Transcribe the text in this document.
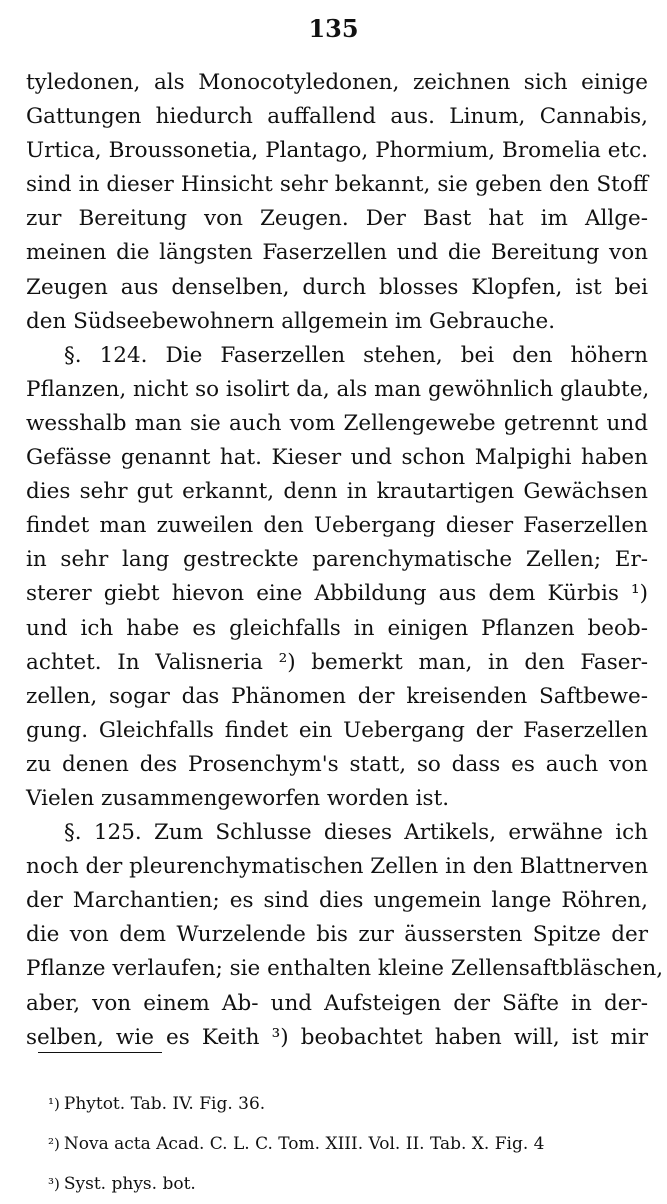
135
tyledonen, als Monocotyledonen, zeichnen sich einige
Gattungen hiedurch auffallend aus. Linum, Cannabis,
Urtica, Broussonetia, Plantago, Phormium, Bromelia etc.
sind in dieser Hinsicht sehr bekannt, sie geben den Stoff
zur Bereitung von Zeugen. Der Bast hat im Allge-
meinen die längsten Faserzellen und die Bereitung von
Zeugen aus denselben, durch blosses Klopfen, ist bei
den Südseebewohnern allgemein im Gebrauche.
§. 124. Die Faserzellen stehen, bei den höhern
Pflanzen, nicht so isolirt da, als man gewöhnlich glaubte,
wesshalb man sie auch vom Zellengewebe getrennt und
Gefässe genannt hat. Kieser und schon Malpighi haben
dies sehr gut erkannt, denn in krautartigen Gewächsen
findet man zuweilen den Uebergang dieser Faserzellen
in sehr lang gestreckte parenchymatische Zellen; Er-
sterer giebt hievon eine Abbildung aus dem Kürbis ¹)
und ich habe es gleichfalls in einigen Pflanzen beob-
achtet. In Valisneria ²) bemerkt man, in den Faser-
zellen, sogar das Phänomen der kreisenden Saftbewe-
gung. Gleichfalls findet ein Uebergang der Faserzellen
zu denen des Prosenchym's statt, so dass es auch von
Vielen zusammengeworfen worden ist.
§. 125. Zum Schlusse dieses Artikels, erwähne ich
noch der pleurenchymatischen Zellen in den Blattnerven
der Marchantien; es sind dies ungemein lange Röhren,
die von dem Wurzelende bis zur äussersten Spitze der
Pflanze verlaufen; sie enthalten kleine Zellensaftbläschen,
aber, von einem Ab- und Aufsteigen der Säfte in der-
selben, wie es Keith ³) beobachtet haben will, ist mir
¹) Phytot. Tab. IV. Fig. 36.
²) Nova acta Acad. C. L. C. Tom. XIII. Vol. II. Tab. X. Fig. 4
³) Syst. phys. bot.
